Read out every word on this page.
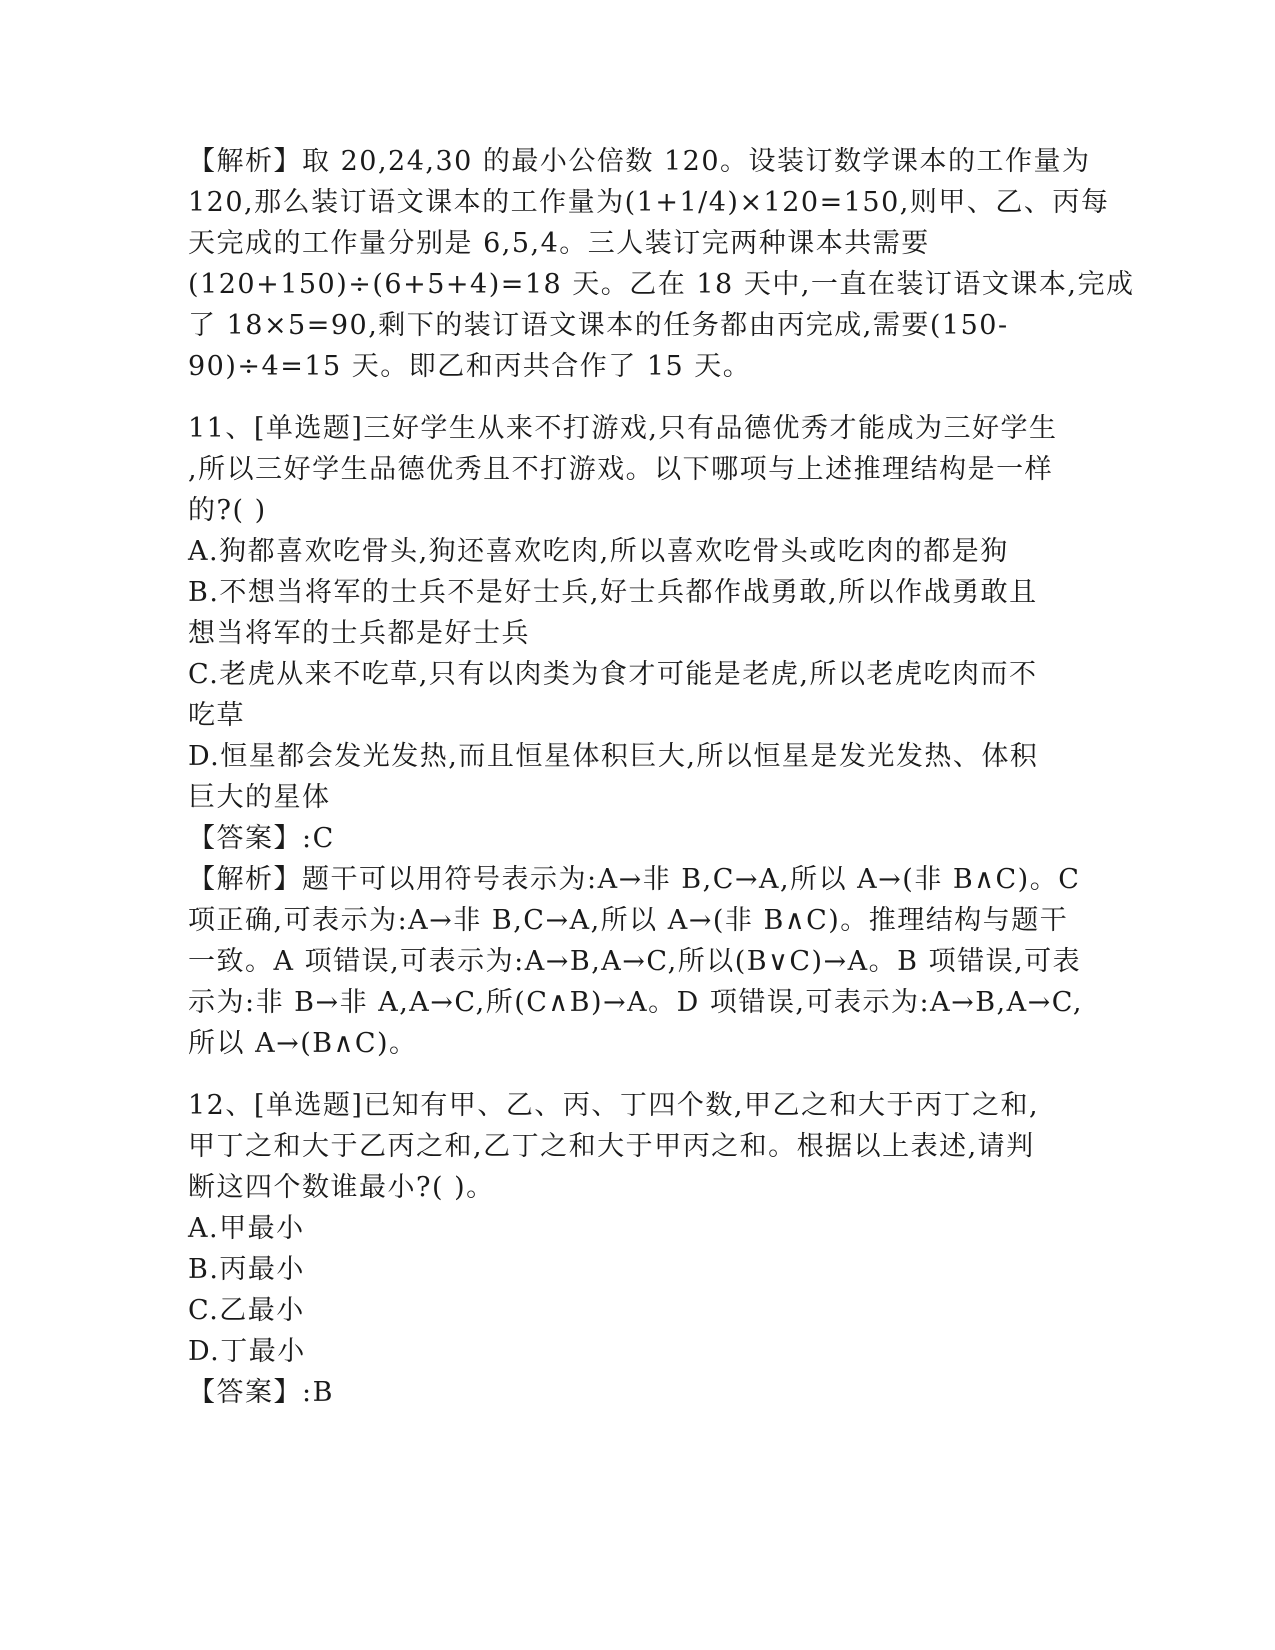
【解析】取 20,24,30 的最小公倍数 120。设装订数学课本的工作量为

120,那么装订语文课本的工作量为(1+1/4)×120=150,则甲、乙、丙每

天完成的工作量分别是 6,5,4。三人装订完两种课本共需要

(120+150)÷(6+5+4)=18 天。乙在 18 天中,一直在装订语文课本,完成

了 18×5=90,剩下的装订语文课本的任务都由丙完成,需要(150-

90)÷4=15 天。即乙和丙共合作了 15 天。

11、[单选题]三好学生从来不打游戏,只有品德优秀才能成为三好学生

,所以三好学生品德优秀且不打游戏。以下哪项与上述推理结构是一样

的?( )

A.狗都喜欢吃骨头,狗还喜欢吃肉,所以喜欢吃骨头或吃肉的都是狗

B.不想当将军的士兵不是好士兵,好士兵都作战勇敢,所以作战勇敢且

想当将军的士兵都是好士兵

C.老虎从来不吃草,只有以肉类为食才可能是老虎,所以老虎吃肉而不

吃草

D.恒星都会发光发热,而且恒星体积巨大,所以恒星是发光发热、体积

巨大的星体

【答案】:C

【解析】题干可以用符号表示为:A→非 B,C→A,所以 A→(非 B∧C)。C

项正确,可表示为:A→非 B,C→A,所以 A→(非 B∧C)。推理结构与题干

一致。A 项错误,可表示为:A→B,A→C,所以(B∨C)→A。B 项错误,可表

示为:非 B→非 A,A→C,所(C∧B)→A。D 项错误,可表示为:A→B,A→C,

所以 A→(B∧C)。

12、[单选题]已知有甲、乙、丙、丁四个数,甲乙之和大于丙丁之和,

甲丁之和大于乙丙之和,乙丁之和大于甲丙之和。根据以上表述,请判

断这四个数谁最小?( )。

A.甲最小

B.丙最小

C.乙最小

D.丁最小

【答案】:B
